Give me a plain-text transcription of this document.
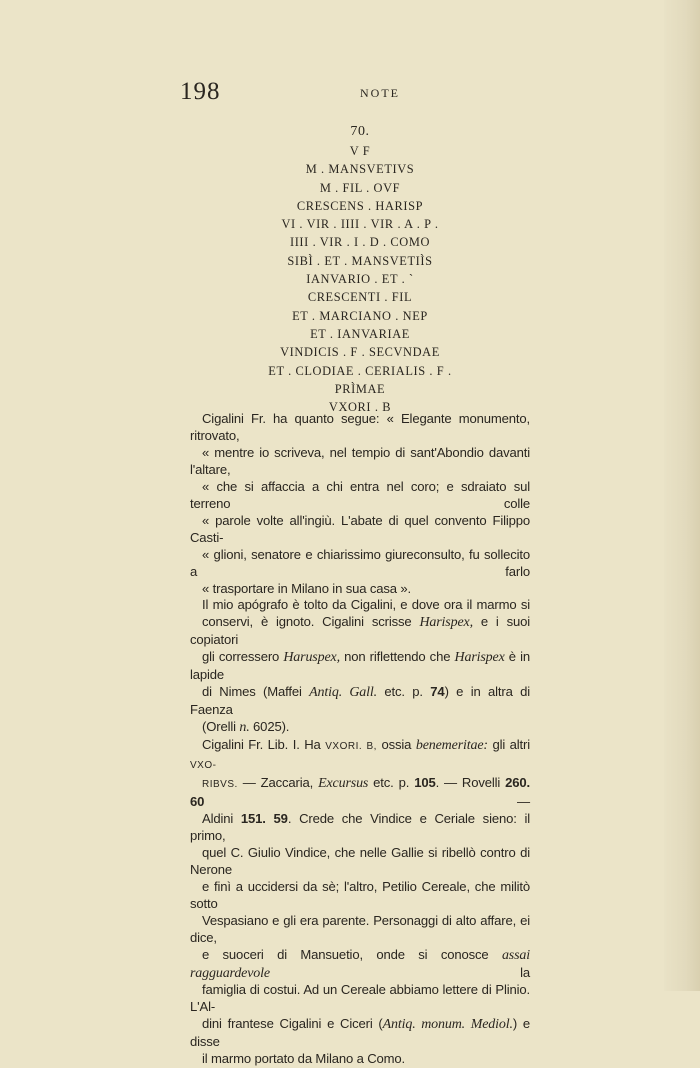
198	NOTE
70.
V F
M . MANSVETIVS
M . FIL . OVF
CRESCENS . HARISP
VI . VIR . IIII . VIR . A . P .
IIII . VIR . I . D . COMO
SIBÌ . ET . MANSVETIÌS
IANVARIO . ET . `
CRESCENTI . FIL
ET . MARCIANO . NEP
ET . IANVARIAE
VINDICIS . F . SECVNDAE
ET . CLODIAE . CERIALIS . F .
PRÌMAE
VXORI . B

Cigalini Fr. ha quanto segue: « Elegante monumento, ritrovato,
« mentre io scriveva, nel tempio di sant'Abondio davanti l'altare,
« che si affaccia a chi entra nel coro; e sdraiato sul terreno colle
« parole volte all'ingiù. L'abate di quel convento Filippo Casti-
« glioni, senatore e chiarissimo giureconsulto, fu sollecito a farlo
« trasportare in Milano in sua casa ».

Il mio apógrafo è tolto da Cigalini, e dove ora il marmo si
conservi, è ignoto. Cigalini scrisse Harispex, e i suoi copiatori
gli corressero Haruspex, non riflettendo che Harispex è in lapide
di Nimes (Maffei Antiq. Gall. etc. p. 74) e in altra di Faenza
(Orelli n. 6025).

Cigalini Fr. Lib. I. Ha VXORI. B, ossia benemeritae: gli altri VXO-
RIBVS. — Zaccaria, Excursus etc. p. 105. — Rovelli 260. 60 —
Aldini 151. 59. Crede che Vindice e Ceriale sieno: il primo,
quel C. Giulio Vindice, che nelle Gallie si ribellò contro di Nerone
e finì a uccidersi da sè; l'altro, Petilio Cereale, che militò sotto
Vespasiano e gli era parente. Personaggi di alto affare, ei dice,
e suoceri di Mansuetio, onde si conosce assai ragguardevole la
famiglia di costui. Ad un Cereale abbiamo lettere di Plinio. L'Al-
dini frantese Cigalini e Ciceri (Antiq. monum. Mediol.) e disse
il marmo portato da Milano a Como.
